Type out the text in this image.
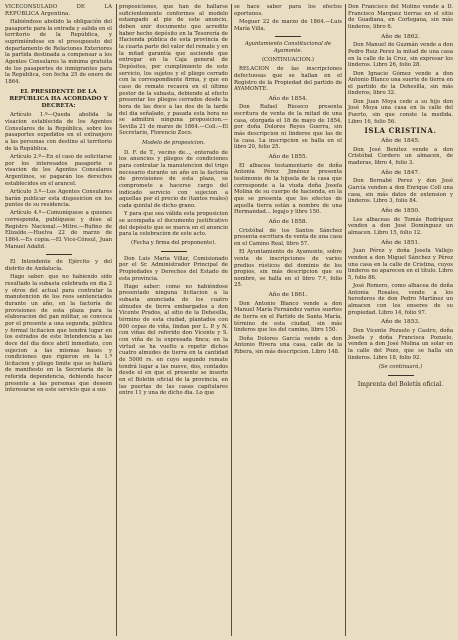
VICECONSULADO DE LA REPÚBLICA Argentina.

Habiéndose abolido la obligación del pasaporte para la entrada y salida en el territorio de la República, y suprimiéndose en el presupuesto del departamento de Relaciones Exteriores la partida destinada a compensar a los Agentes Consulares la minima gratuita de los pasaportes de inmigrantes para la República, con fecha 25 de enero de 1864.

EL PRESIDENTE DE LA REPÚBLICA HA ACORDADO Y DECRETA:

Artículo 1.º—Queda abolida la visacion establecida de los Agentes Consulares de la República, sobre los pasaportes expedidos en el extranjero a las personas con destino al territorio de la República.

Artículo 2.º—En el caso de solicitarse por los interesados pasaporte o visacion de los Agentes Consulares Argentinos, se pagarán los derechos establecidos en el arancel.

Artículo 3.º—Los Agentes Consulares harán publicar esta disposicion en los puntos de su residencia.

Artículo 4.º—Comuníquese a quienes corresponda, publíquese y dése al Registro Nacional.—Mitre.—Rufino de Elizalde.—Huelva 22 de marzo de 1864.—Es copia.—El Vice-Cónsul, Juan Manuel Adalid.

El Intendente de Ejército y del distrito de Andalucía.

Hago saber: que no habiendo sido resultado la subasta celebrada en dia 2 y otros del actual para contratar la manutencion de los reos sentenciados durante un año, en la factoría de provisiones de esta plaza para la elaboracion del pan militar, se convoca por el presente a una segunda, pública y formal licitacion que tendrá lugar en los estrados de este Intendencia a las doce del dia doce abril inmediato, con sujecion a las mismas bases y condiciones que rigieron en la 1.ª licitacion y pliego limite que se hallará de manifiesto en la Secretaría de la referida dependencia, debiendo hacer presente a las personas que deseen interesarse en este servicio que a sus

proposiciones, que han de hallarse suficientemente conformes al modelo estampado al pie de este anuncio, deben unir documento que acredite haber hecho depósito en la Tesorería de Hacienda pública de esta provincia de la cuarta parte del valor del remate y en la mitad garantía que asciende que entregar en la Caja general de Depósitos, por cumplimiento de este servicio, los sujetos y el pliego cerrado con la correspondiente firma, y que en caso de remate recaerá en el último postor de la subasta, debiendo al efecto presentar los pliegos cerrados desde la hora de las doce a las dos de la tarde del dia señalado, y pasada esta hora no se admitirá ninguna proposicion.—Sevilla 21 de marzo de 1864.—Coll.—El Secretario, Florencio Zoco.

Modelo de proposicion.

D. F. de T., vecino de..., enterado de los anuncios y pliegos de condiciones para contratar la manutencion del trigo necesario durante un año en la factoría de provisiones de esta plaza, se compromete a hacerse cargo del indicado servicio con sujecion a aquellas por el precio de (tantos reales) cada quintal de dicho grano.

Y para que sea válida esta proposicion se acompaña el documento justificativo del depósito que se marca en el anuncio para la celebracion de este acto.

(Fecha y firma del proponente).

Don Luis María Villar, Comisionado por el Sr. Administrador Principal de Propiedades y Derechos del Estado de esta provincia.

Hago saber: como no habiéndose presentado ninguna licitacion a la subasta anunciada de los cuatro almudes de tierra embargados a don Vicente Prados, al sitio de la Dehesilla, término de esta ciudad, plantados con 600 cepas de viña, lindan por L. P. y N. con viñas del referido don Vicente y S. con viña de la expresada finca; en la virtud se ha vuelto a repetir dichos cuatro almudes de tierra en la cantidad de 5000 rs. en cuyo segundo remate tendrá lugar a las nueve, dos, contados desde el en que el presente se inserte en el Boletin oficial de la provincia, en las puertas de las casas capitulares entre 11 y una de dicho dia. Lo que

se hace saber para los efectos oportunos.

Moguer 22 de marzo de 1864.—Luis María Villa.

Ayuntamiento Constitucional de Ayamonte.

(CONTINUACION.)

RELACION de las inscripciones defectuosas que se hallan en el Registro de la Propiedad del partido de AYAMONTE.

Año de 1854.

Don Rafael Rioseco presenta escritura de venta de la mitad de una casa, otorgada el 18 de mayo de 1854, por doña Dolores Reyes Guerra, sin más descripcion ni linderos que las de la casa. La inscripcion se halla en el libro 20, folio 25.

Año de 1855.

El albacea testamentario de doña Antonia Pérez Jiménez presenta testimonio de la hijuela de la casa que corresponde a la viuda doña Josefa Molina de su cuerpo de hacienda, en la que se presenta que los efectos de aquella tierra están a nombre de una Hermandad... legajo y libro 150.

Año de 1858.

Cristóbal de los Santos Sánchez presenta escritura de venta de una casa en el Camino Real, libro 57.

El Ayuntamiento de Ayamonte, sobre venta de inscripciones de varios predios rústicos del dominio de los propios, sin más descripcion que su nombre, se halla en el libro 7.º, folio 25.

Año de 1861.

Don Antonio Blanco vende a don Manuel María Fernández varios suertes de tierra en el Partido de Santa María, término de esta ciudad, sin más linderos que los del camino, libro 150.

Doña Dolores García vende a don Antonio Rivera una casa, calle de la Ribera, sin más descripcion. Libro 148.

Don Francisco del Molino vende a D. Francisco Marquez tierras en el sitio de Guadiana, en Cortegana, sin más linderos, libro 6.

Año de 1862.

Don Manuel de Guzmán vende a don Pedro Ruiz Perez la mitad de una casa en la calle de la Cruz, sin expresar los linderos. Libro 26, folio 28.

Don Ignacio Gómez vende a don Antonio Blanco una suerte de tierra en el partido de la Dehesilla, sin más linderos, libro 32.

Don Juan Moya cede a su hijo don José Moya una casa en la calle del Puerto, sin que conste la medida. Libro 16, folio 56.

ISLA CRISTINA.

Año de 1845.

Don José Benítez vende a don Cristóbal Cordero un almacen, de maderas, libro 4, folio 3.

Año de 1847.

Don Bernabé Perez y don José García venden a don Enrique Coll una casa, sin más datos de extension y linderos. Libro 3, folio 84.

Año de 1850.

Los albaceas de Tomás Rodríguez venden a don José Domínguez un almacen. Libro 15, folio 12.

Año de 1851.

Juan Pérez y doña Josefa Vallejo venden a don Miguel Sánchez y Pérez una casa en la calle de Cristina, cuyos linderos no aparecen en el título. Libro 5, folio 86.

José Romero, como albacea de doña Antonia Rosales, vende a los herederos de don Pedro Martínez un almacen con los enseres de su propiedad. Libro 14, folio 97.

Año de 1853.

Don Vicente Pozuelo y Castro, doña Josefa y doña Francisca Pozuelo, venden a don José Molina un solar en la calle del Pozo, que se halla sin linderos. Libro 18, folio 92.

(Se continuará.)

Imprenta del Boletín oficial.
